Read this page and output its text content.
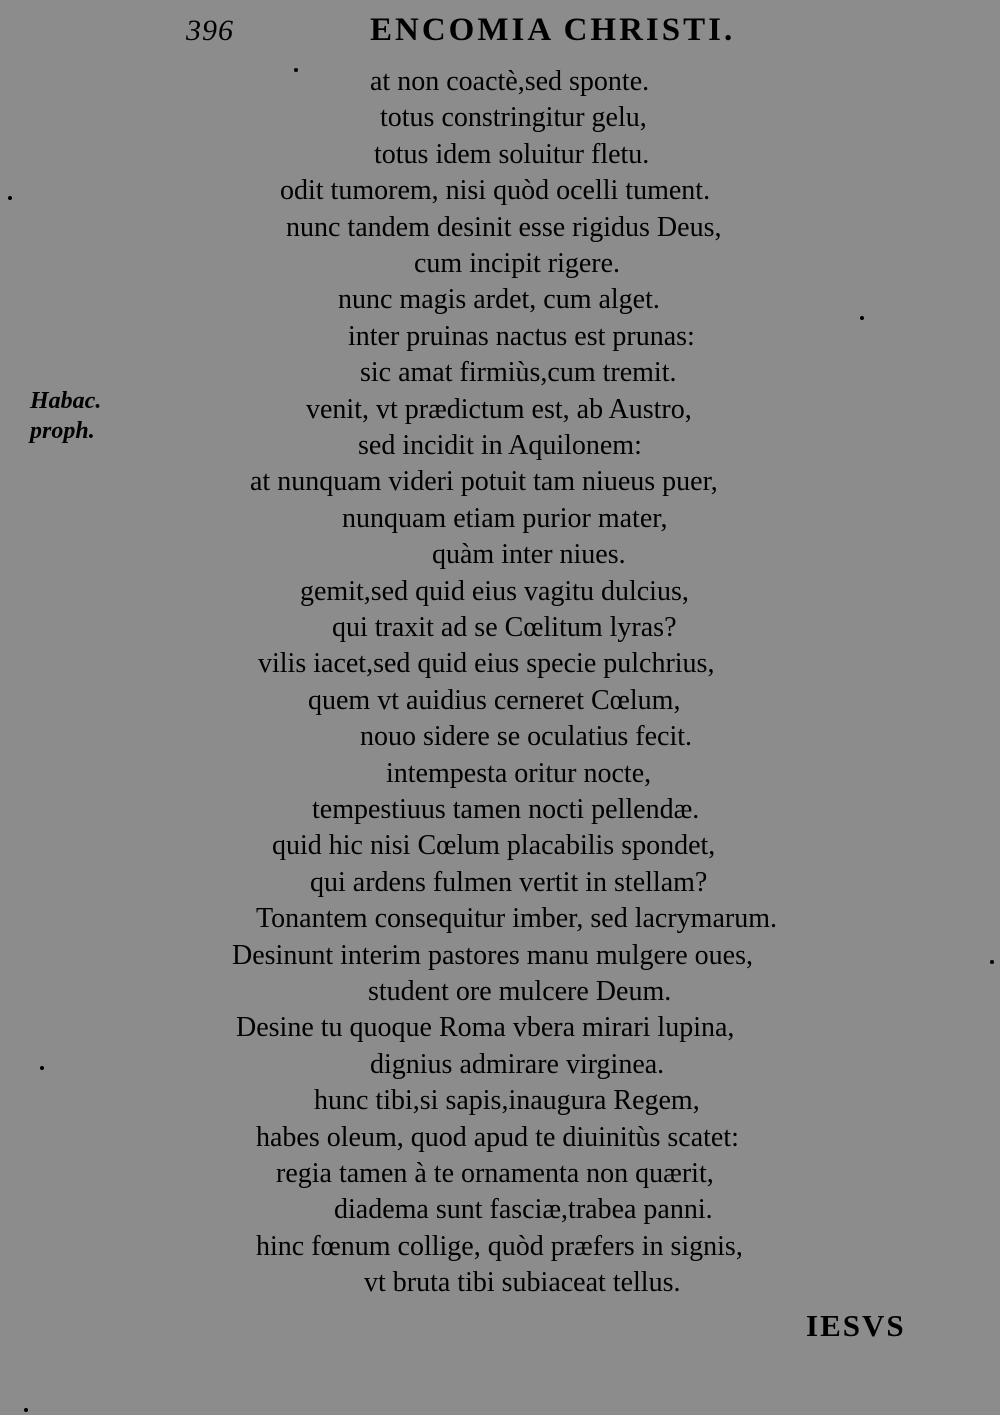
396	ENCOMIA CHRISTI.
Habac.
proph.
at non coactè,sed sponte.
totus constringitur gelu,
totus idem soluitur fletu.
odit tumorem, nisi quòd ocelli tument.
nunc tandem desinit esse rigidus Deus,
cum incipit rigere.
nunc magis ardet, cum alget.
inter pruinas nactus est prunas:
sic amat firmiùs,cum tremit.
venit, vt prædictum est, ab Austro,
sed incidit in Aquilonem:
at nunquam videri potuit tam niueus puer,
nunquam etiam purior mater,
quàm inter niues.
gemit,sed quid eius vagitu dulcius,
qui traxit ad se Cœlitum lyras?
vilis iacet,sed quid eius specie pulchrius,
quem vt auidius cerneret Cœlum,
nouo sidere se oculatius fecit.
intempesta oritur nocte,
tempestiuus tamen nocti pellendæ.
quid hic nisi Cœlum placabilis spondet,
qui ardens fulmen vertit in stellam?
Tonantem consequitur imber, sed lacrymarum.
Desinunt interim pastores manu mulgere oues,
student ore mulcere Deum.
Desine tu quoque Roma vbera mirari lupina,
dignius admirare virginea.
hunc tibi,si sapis,inaugura Regem,
habes oleum, quod apud te diuinitùs scatet:
regia tamen à te ornamenta non quærit,
diadema sunt fasciæ,trabea panni.
hinc fœnum collige, quòd præfers in signis,
vt bruta tibi subiaceat tellus.
IESVS
